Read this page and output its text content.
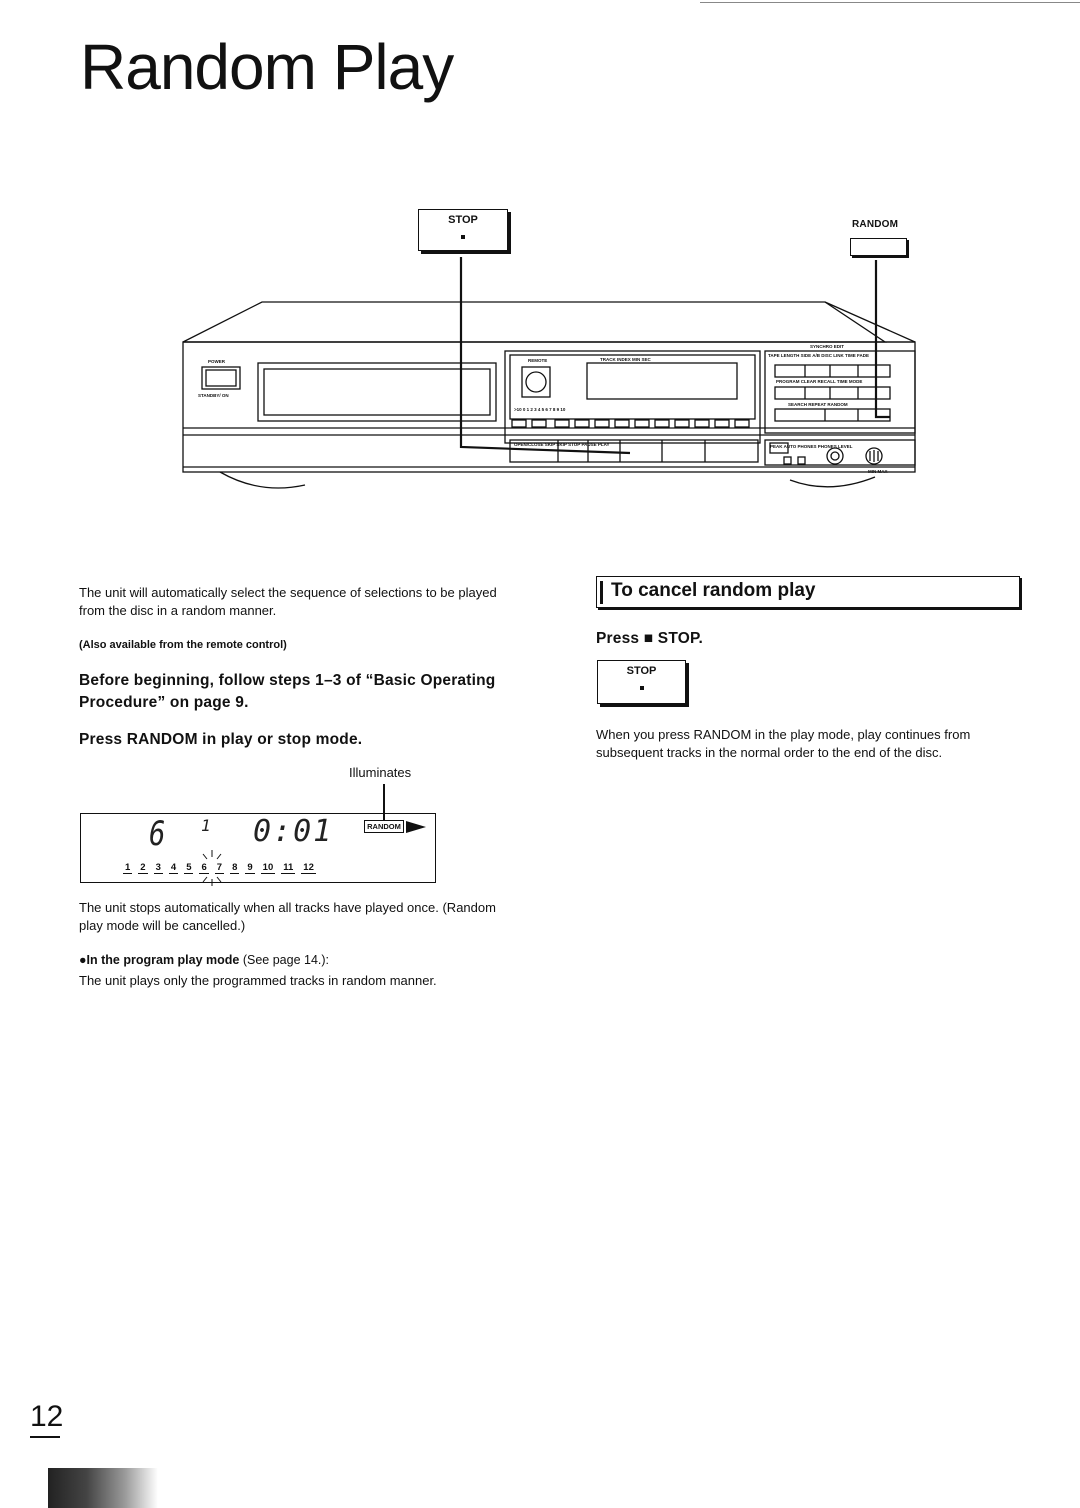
Random Play
STOP	RANDOM
POWER
STANDBY/ ON
REMOTE	TRACK INDEX MIN SEC
>10 0 1 2 3 4 5 6 7 8 9 10
OPEN/CLOSE SKIP SKIP STOP PAUSE PLAY
SYNCHRO EDIT
TAPE LENGTH SIDE A/B DISC LINK TIME FADE
PROGRAM CLEAR RECALL TIME MODE
SEARCH REPEAT RANDOM
PEAK AUTO PHONES PHONES LEVEL
MIN MAX
The unit will automatically select the sequence of selections to be played from the disc in a random manner.
(Also available from the remote control)
Before beginning, follow steps 1–3 of “Basic Operating Procedure” on page 9.
Press RANDOM in play or stop mode.
Illuminates
6 1 0:01	RANDOM
1 2 3 4 5 6 7 8 9 10 11 12
The unit stops automatically when all tracks have played once. (Random play mode will be cancelled.)
●In the program play mode (See page 14.):
The unit plays only the programmed tracks in random manner.
To cancel random play
Press ■ STOP.
STOP
When you press RANDOM in the play mode, play continues from subsequent tracks in the normal order to the end of the disc.
12
